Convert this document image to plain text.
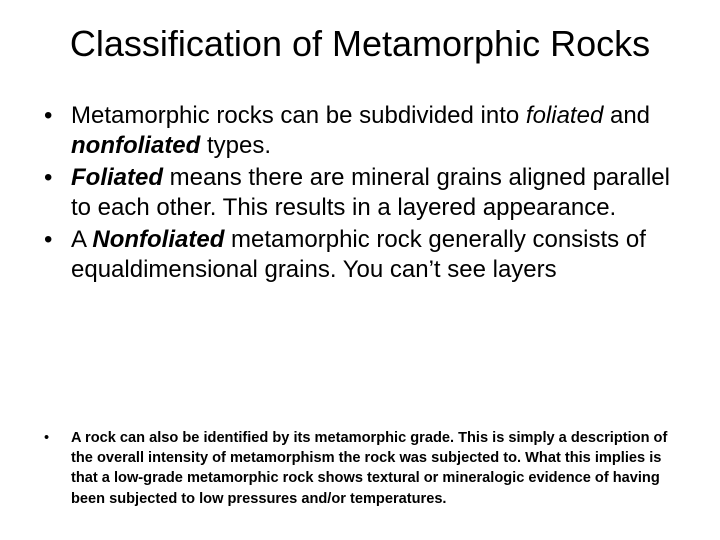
Classification of Metamorphic Rocks
• Metamorphic rocks can be subdivided into foliated and nonfoliated types.
• Foliated means there are mineral grains aligned parallel to each other. This results in a layered appearance.
• A Nonfoliated metamorphic rock generally consists of equaldimensional grains. You can’t see layers
• A rock can also be identified by its metamorphic grade. This is simply a description of the overall intensity of metamorphism the rock was subjected to. What this implies is that a low-grade metamorphic rock shows textural or mineralogic evidence of having been subjected to low pressures and/or temperatures.
